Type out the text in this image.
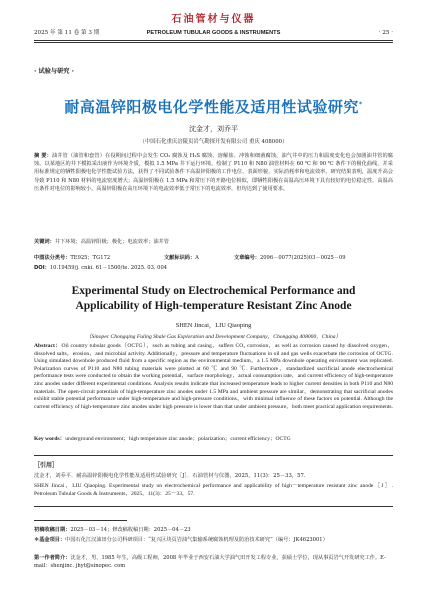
石油管材与仪器
2025 年 第 11 卷 第 3 期	PETROLEUM TUBULAR GOODS & INSTRUMENTS	· 25 ·
· 试验与研究 ·
耐高温锌阳极电化学性能及适用性试验研究*
沈金才，刘乔平
（中国石化重庆涪陵页岩气勘探开发有限公司 重庆 408000）
摘 要：油井管（油管和套管）在役期间过程中会发生 CO₂ 腐蚀及 H₂S 腐蚀、溶解盐、冲蚀和细菌腐蚀，油气井中的压力和温度变化也会加剧油井管的腐蚀。以某地区的井下模拟采出液作为环境介质，模拟 1.5 MPa 井下运行环境，绘制了 P110 和 N80 油管材料在 60 ℃ 和 90 ℃ 条件下的极化曲线，并采用标准规定的牺牲阳极电化学性能试验方法，获得了不同试验条件下高温锌阳极的工作电位、表面形貌、实际消耗率和电流效率。研究结果表明，温度升高会导致 P110 和 N80 材料的电流密度增大；高温锌阳极在 1.5 MPa 和常压下的开路电位相似，即牺牲阳极在高温高压环境下具有较好的电位稳定性。高温高压条件对电位的影响较小。高温锌阳极在高压环境下的电流效率低于常压下的电流效率，但均达到了使用要求。
关键词：井下环境；高温锌阳极；极化；电流效率；油井管
中图法分类号：TE925；TG172	文献标识码：A	文章编号：2096－0077(2025)03－0025－09
DOI：10.19459/j. cnki. 61－1500/te. 2025. 03. 004
Experimental Study on Electrochemical Performance and Applicability of High-temperature Resistant Zinc Anode
SHEN Jincai，LIU Qiaoping
（Sinopec Chongqing Fuling Shale Gas Exploration and Development Company，Chongqing 408000，China）
Abstract：Oil country tubular goods（OCTG），such as tubing and casing，suffers CO₂ corrosion，as well as corrosion caused by dissolved oxygen，dissolved salts，erosion，and microbial activity. Additionally，pressure and temperature fluctuations in oil and gas wells exacerbate the corrosion of OCTG. Using simulated downhole produced fluid from a specific region as the environmental medium，a 1.5 MPa downhole operating environment was replicated. Polarization curves of P110 and N80 tubing materials were plotted at 60 ℃ and 90 ℃. Furthermore，standardized sacrificial anode electrochemical performance tests were conducted to obtain the working potential，surface morphology，actual consumption rate，and current efficiency of high-temperature zinc anodes under different experimental conditions. Analysis results indicate that increased temperature leads to higher current densities in both P110 and N80 materials. The open-circuit potentials of high-temperature zinc anodes under 1.5 MPa and ambient pressure are similar，demonstrating that sacrificial anodes exhibit stable potential performance under high-temperature and high-pressure conditions，with minimal influence of these factors on potential. Although the current efficiency of high-temperature zinc anodes under high pressure is lower than that under ambient pressure，both meet practical application requirements.
Key words：underground environment；high temperature zinc anode；polarization；current efficiency；OCTG
［引用］
沈金才，刘乔平．耐高温锌阳极电化学性能及适用性试验研究［J］．石油管材与仪器，2025，11(3)：25－33，57.
SHEN Jincai，LIU Qiaoping. Experimental study on electrochemical performance and applicability of high－temperature resistant zinc anode［J］. Petroleum Tubular Goods & Instruments，2025，11(3)：25－33，57.
初稿收稿日期：2025－03－14；修改稿收稿日期：2025－04－23
＊基金项目：中国石化江汉油田分公司科研项目：“复兴区块页岩油气集输系统腐蚀机理及防治技术研究”（编号：JK4623001）
第一作者简介：沈金才，男，1985 年生，高级工程师，2008 年毕业于西安石油大学油气田开发工程专业，获硕士学位，现从事页岩气开发研究工作。E-mail：shenjinc. jhyt@sinopec. com
